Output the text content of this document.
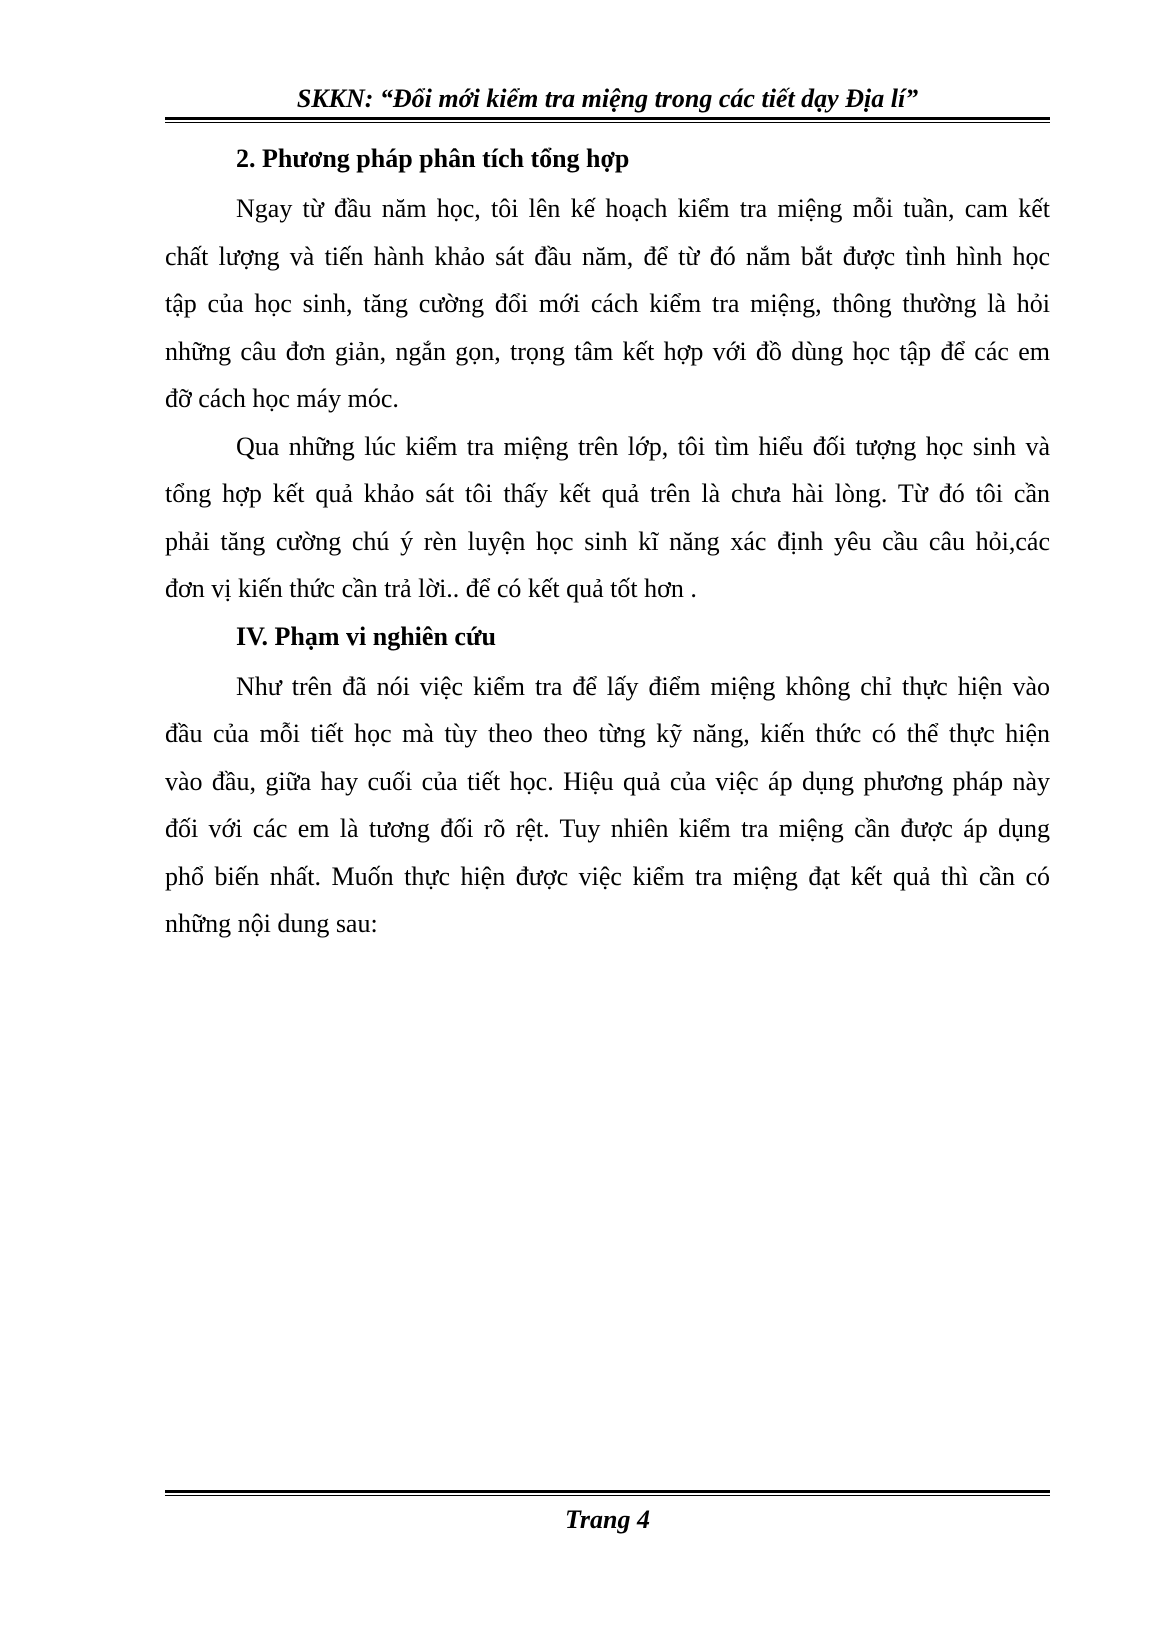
SKKN: “Đổi mới kiểm tra miệng trong các tiết dạy Địa lí”
2. Phương pháp phân tích tổng hợp
Ngay từ đầu năm học, tôi lên kế hoạch kiểm tra miệng mỗi tuần, cam kết
chất lượng và tiến hành khảo sát đầu năm, để từ đó nắm bắt được tình hình học
tập của học sinh, tăng cường đổi mới cách kiểm tra miệng, thông thường là hỏi
những câu đơn giản, ngắn gọn, trọng tâm kết hợp với đồ dùng học tập để các em
đỡ cách học máy móc.
Qua những lúc kiểm tra miệng trên lớp, tôi tìm hiểu đối tượng học sinh và
tổng hợp kết quả khảo sát tôi thấy kết quả trên là chưa hài lòng. Từ đó tôi cần
phải tăng cường chú ý rèn luyện học sinh kĩ năng xác định yêu cầu câu hỏi,các
đơn vị kiến thức cần trả lời.. để có kết quả tốt hơn .
IV. Phạm vi nghiên cứu
Như trên đã nói việc kiểm tra để lấy điểm miệng không chỉ thực hiện vào
đầu của mỗi tiết học mà tùy theo theo từng kỹ năng, kiến thức có thể thực hiện
vào đầu, giữa hay cuối của tiết học. Hiệu quả của việc áp dụng phương pháp này
đối với các em là tương đối rõ rệt. Tuy nhiên kiểm tra miệng cần được áp dụng
phổ biến nhất. Muốn thực hiện được việc kiểm tra miệng đạt kết quả thì cần có
những nội dung sau:
Trang 4
